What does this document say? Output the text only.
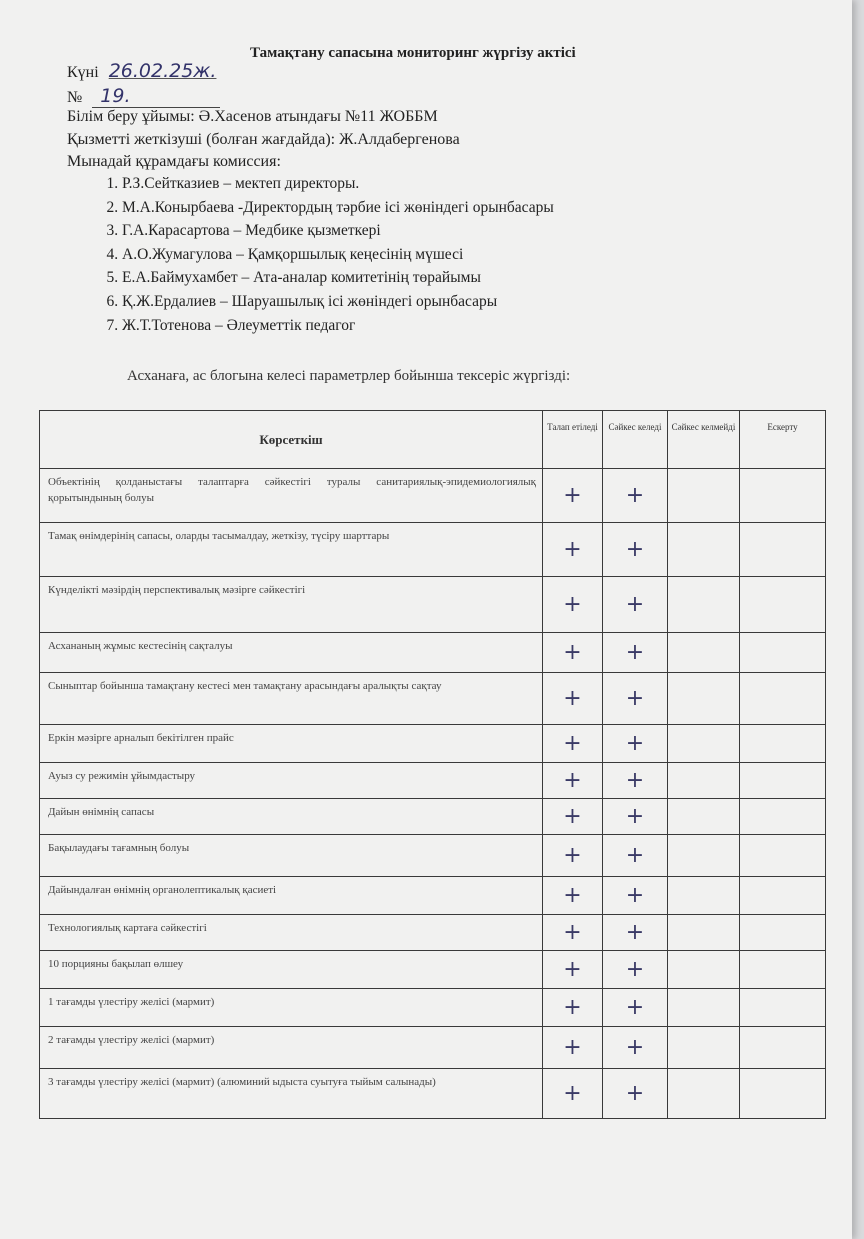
Тамақтану сапасына мониторинг жүргізу актісі
Күні 26.02.25ж.
№ 19.
Білім беру ұйымы: Ә.Хасенов атындағы №11 ЖОББМ
Қызметті жеткізуші (болған жағдайда): Ж.Алдабергенова
Мынадай құрамдағы комиссия:
1. Р.З.Сейтказиев – мектеп директоры.
2. М.А.Конырбаева -Директордың тәрбие ісі жөніндегі орынбасары
3. Г.А.Карасартова – Медбике қызметкері
4. А.О.Жумагулова – Қамқоршылық кеңесінің мүшесі
5. Е.А.Баймухамбет – Ата-аналар комитетінің төрайымы
6. Қ.Ж.Ердалиев – Шаруашылық ісі жөніндегі орынбасары
7. Ж.Т.Тотенова – Әлеуметтік педагог
Асханаға, ас блогына келесі параметрлер бойынша тексеріс жүргізді:
Көрсеткіш	Талап етіледі	Сәйкес келеді	Сәйкес келмейді	Ескерту
Объектінің қолданыстағы талаптарға сәйкестігі туралы санитариялық-эпидемиологиялық қорытындының болуы	+	+		
Тамақ өнімдерінің сапасы, оларды тасымалдау, жеткізу, түсіру шарттары	+	+		
Күнделікті мәзірдің перспективалық мәзірге сәйкестігі	+	+		
Асхананың жұмыс кестесінің сақталуы	+	+		
Сыныптар бойынша тамақтану кестесі мен тамақтану арасындағы аралықты сақтау	+	+		
Еркін мәзірге арналып бекітілген прайс	+	+		
Ауыз су режимін ұйымдастыру	+	+		
Дайын өнімнің сапасы	+	+		
Бақылаудағы тағамның болуы	+	+		
Дайындалған өнімнің органолептикалық қасиеті	+	+		
Технологиялық картаға сәйкестігі	+	+		
10 порцияны бақылап өлшеу	+	+		
1 тағамды үлестіру желісі (мармит)	+	+		
2 тағамды үлестіру желісі (мармит)	+	+		
3 тағамды үлестіру желісі (мармит) (алюминий ыдыста суытуға тыйым салынады)	+	+		
